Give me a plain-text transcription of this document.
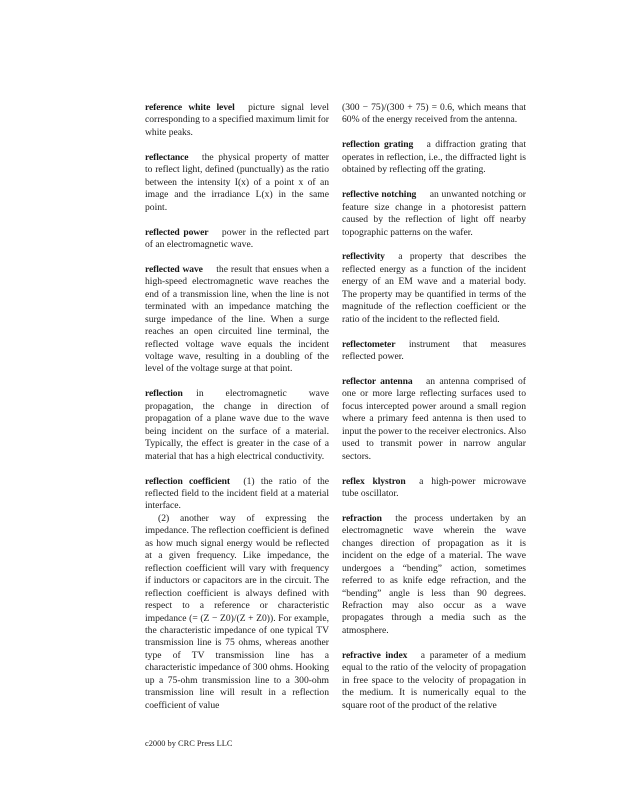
reference white level picture signal level corresponding to a specified maximum limit for white peaks.

reflectance the physical property of matter to reflect light, defined (punctually) as the ratio between the intensity I(x) of a point x of an image and the irradiance L(x) in the same point.

reflected power power in the reflected part of an electromagnetic wave.

reflected wave the result that ensues when a high-speed electromagnetic wave reaches the end of a transmission line, when the line is not terminated with an impedance matching the surge impedance of the line. When a surge reaches an open circuited line terminal, the reflected voltage wave equals the incident voltage wave, resulting in a doubling of the level of the voltage surge at that point.

reflection in electromagnetic wave propagation, the change in direction of propagation of a plane wave due to the wave being incident on the surface of a material. Typically, the effect is greater in the case of a material that has a high electrical conductivity.

reflection coefficient (1) the ratio of the reflected field to the incident field at a material interface.

(2) another way of expressing the impedance. The reflection coefficient is defined as how much signal energy would be reflected at a given frequency. Like impedance, the reflection coefficient will vary with frequency if inductors or capacitors are in the circuit. The reflection coefficient is always defined with respect to a reference or characteristic impedance (= (Z − Z0)/(Z + Z0)). For example, the characteristic impedance of one typical TV transmission line is 75 ohms, whereas another type of TV transmission line has a characteristic impedance of 300 ohms. Hooking up a 75-ohm transmission line to a 300-ohm transmission line will result in a reflection coefficient of value

(300 − 75)/(300 + 75) = 0.6, which means that 60% of the energy received from the antenna.

reflection grating a diffraction grating that operates in reflection, i.e., the diffracted light is obtained by reflecting off the grating.

reflective notching an unwanted notching or feature size change in a photoresist pattern caused by the reflection of light off nearby topographic patterns on the wafer.

reflectivity a property that describes the reflected energy as a function of the incident energy of an EM wave and a material body. The property may be quantified in terms of the magnitude of the reflection coefficient or the ratio of the incident to the reflected field.

reflectometer instrument that measures reflected power.

reflector antenna an antenna comprised of one or more large reflecting surfaces used to focus intercepted power around a small region where a primary feed antenna is then used to input the power to the receiver electronics. Also used to transmit power in narrow angular sectors.

reflex klystron a high-power microwave tube oscillator.

refraction the process undertaken by an electromagnetic wave wherein the wave changes direction of propagation as it is incident on the edge of a material. The wave undergoes a “bending” action, sometimes referred to as knife edge refraction, and the “bending” angle is less than 90 degrees. Refraction may also occur as a wave propagates through a media such as the atmosphere.

refractive index a parameter of a medium equal to the ratio of the velocity of propagation in free space to the velocity of propagation in the medium. It is numerically equal to the square root of the product of the relative

c2000 by CRC Press LLC
